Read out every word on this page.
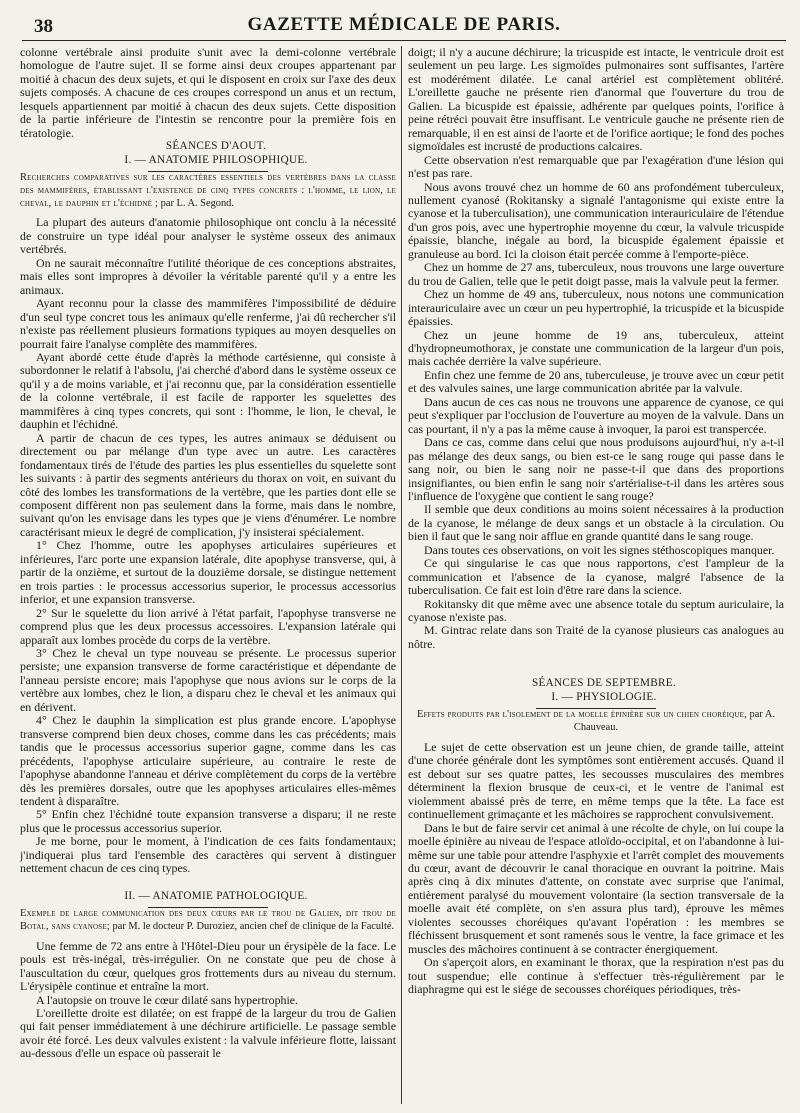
38	GAZETTE MÉDICALE DE PARIS.

colonne vertébrale ainsi produite s'unit avec la demi-colonne vertébrale homologue de l'autre sujet. Il se forme ainsi deux croupes appartenant par moitié à chacun des deux sujets, et qui le disposent en croix sur l'axe des deux sujets composés. A chacune de ces croupes correspond un anus et un rectum, lesquels appartiennent par moitié à chacun des deux sujets. Cette disposition de la partie inférieure de l'intestin se rencontre pour la première fois en tératologie.

SÉANCES D'AOUT.

I. — ANATOMIE PHILOSOPHIQUE.

Recherches comparatives sur les caractères essentiels des vertèbres dans la classe des mammifères, établissant l'existence de cinq types concrets : l'homme, le lion, le cheval, le dauphin et l'échidné ; par L. A. Segond.

La plupart des auteurs d'anatomie philosophique ont conclu à la nécessité de construire un type idéal pour analyser le système osseux des animaux vertébrés.

On ne saurait méconnaître l'utilité théorique de ces conceptions abstraites, mais elles sont impropres à dévoiler la véritable parenté qu'il y a entre les animaux.

Ayant reconnu pour la classe des mammifères l'impossibilité de déduire d'un seul type concret tous les animaux qu'elle renferme, j'ai dû rechercher s'il n'existe pas réellement plusieurs formations typiques au moyen desquelles on pourrait faire l'analyse complète des mammifères.

Ayant abordé cette étude d'après la méthode cartésienne, qui consiste à subordonner le relatif à l'absolu, j'ai cherché d'abord dans le système osseux ce qu'il y a de moins variable, et j'ai reconnu que, par la considération essentielle de la colonne vertébrale, il est facile de rapporter les squelettes des mammifères à cinq types concrets, qui sont : l'homme, le lion, le cheval, le dauphin et l'échidné.

A partir de chacun de ces types, les autres animaux se déduisent ou directement ou par mélange d'un type avec un autre. Les caractères fondamentaux tirés de l'étude des parties les plus essentielles du squelette sont les suivants : à partir des segments antérieurs du thorax on voit, en suivant du côté des lombes les transformations de la vertèbre, que les parties dont elle se composent diffèrent non pas seulement dans la forme, mais dans le nombre, suivant qu'on les envisage dans les types que je viens d'énumérer. Le nombre caractérisant mieux le degré de complication, j'y insisterai spécialement.

1° Chez l'homme, outre les apophyses articulaires supérieures et inférieures, l'arc porte une expansion latérale, dite apophyse transverse, qui, à partir de la onzième, et surtout de la douzième dorsale, se distingue nettement en trois parties : le processus accessorius superior, le processus accessorius inferior, et une expansion transverse.

2° Sur le squelette du lion arrivé à l'état parfait, l'apophyse transverse ne comprend plus que les deux processus accessoires. L'expansion latérale qui apparaît aux lombes procède du corps de la vertèbre.

3° Chez le cheval un type nouveau se présente. Le processus superior persiste; une expansion transverse de forme caractéristique et dépendante de l'anneau persiste encore; mais l'apophyse que nous avions sur le corps de la vertèbre aux lombes, chez le lion, a disparu chez le cheval et les animaux qui en dérivent.

4° Chez le dauphin la simplication est plus grande encore. L'apophyse transverse comprend bien deux choses, comme dans les cas précédents; mais tandis que le processus accessorius superior gagne, comme dans les cas précédents, l'apophyse articulaire supérieure, au contraire le reste de l'apophyse abandonne l'anneau et dérive complètement du corps de la vertèbre dès les premières dorsales, outre que les apophyses articulaires elles-mêmes tendent à disparaître.

5° Enfin chez l'échidné toute expansion transverse a disparu; il ne reste plus que le processus accessorius superior.

Je me borne, pour le moment, à l'indication de ces faits fondamentaux; j'indiquerai plus tard l'ensemble des caractères qui servent à distinguer nettement chacun de ces cinq types.

II. — ANATOMIE PATHOLOGIQUE.

Exemple de large communication des deux cœurs par le trou de Galien, dit trou de Botal, sans cyanose; par M. le docteur P. Duroziez, ancien chef de clinique de la Faculté.

Une femme de 72 ans entre à l'Hôtel-Dieu pour un érysipèle de la face. Le pouls est très-inégal, très-irrégulier. On ne constate que peu de chose à l'auscultation du cœur, quelques gros frottements durs au niveau du sternum. L'érysipèle continue et entraîne la mort.

A l'autopsie on trouve le cœur dilaté sans hypertrophie.

L'oreillette droite est dilatée; on est frappé de la largeur du trou de Galien qui fait penser immédiatement à une déchirure artificielle. Le passage semble avoir été forcé. Les deux valvules existent : la valvule inférieure flotte, laissant au-dessous d'elle un espace où passerait le

doigt; il n'y a aucune déchirure; la tricuspide est intacte, le ventricule droit est seulement un peu large. Les sigmoïdes pulmonaires sont suffisantes, l'artère est modérément dilatée. Le canal artériel est complètement oblitéré. L'oreillette gauche ne présente rien d'anormal que l'ouverture du trou de Galien. La bicuspide est épaissie, adhérente par quelques points, l'orifice à peine rétréci pouvait être insuffisant. Le ventricule gauche ne présente rien de remarquable, il en est ainsi de l'aorte et de l'orifice aortique; le fond des poches sigmoïdales est incrusté de productions calcaires.

Cette observation n'est remarquable que par l'exagération d'une lésion qui n'est pas rare.

Nous avons trouvé chez un homme de 60 ans profondément tuberculeux, nullement cyanosé (Rokitansky a signalé l'antagonisme qui existe entre la cyanose et la tuberculisation), une communication interauriculaire de l'étendue d'un gros pois, avec une hypertrophie moyenne du cœur, la valvule tricuspide épaissie, blanche, inégale au bord, la bicuspide également épaissie et granuleuse au bord. Ici la cloison était percée comme à l'emporte-pièce.

Chez un homme de 27 ans, tuberculeux, nous trouvons une large ouverture du trou de Galien, telle que le petit doigt passe, mais la valvule peut la fermer.

Chez un homme de 49 ans, tuberculeux, nous notons une communication interauriculaire avec un cœur un peu hypertrophié, la tricuspide et la bicuspide épaissies.

Chez un jeune homme de 19 ans, tuberculeux, atteint d'hydropneumothorax, je constate une communication de la largeur d'un pois, mais cachée derrière la valve supérieure.

Enfin chez une femme de 20 ans, tuberculeuse, je trouve avec un cœur petit et des valvules saines, une large communication abritée par la valvule.

Dans aucun de ces cas nous ne trouvons une apparence de cyanose, ce qui peut s'expliquer par l'occlusion de l'ouverture au moyen de la valvule. Dans un cas pourtant, il n'y a pas la même cause à invoquer, la paroi est transpercée.

Dans ce cas, comme dans celui que nous produisons aujourd'hui, n'y a-t-il pas mélange des deux sangs, ou bien est-ce le sang rouge qui passe dans le sang noir, ou bien le sang noir ne passe-t-il que dans des proportions insignifiantes, ou bien enfin le sang noir s'artérialise-t-il dans les artères sous l'influence de l'oxygène que contient le sang rouge?

Il semble que deux conditions au moins soient nécessaires à la production de la cyanose, le mélange de deux sangs et un obstacle à la circulation. Ou bien il faut que le sang noir afflue en grande quantité dans le sang rouge.

Dans toutes ces observations, on voit les signes stéthoscopiques manquer.

Ce qui singularise le cas que nous rapportons, c'est l'ampleur de la communication et l'absence de la cyanose, malgré l'absence de la tuberculisation. Ce fait est loin d'être rare dans la science.

Rokitansky dit que même avec une absence totale du septum auriculaire, la cyanose n'existe pas.

M. Gintrac relate dans son Traité de la cyanose plusieurs cas analogues au nôtre.

SÉANCES DE SEPTEMBRE.

I. — PHYSIOLOGIE.

Effets produits par l'isolement de la moelle épinière sur un chien choréique, par A. Chauveau.

Le sujet de cette observation est un jeune chien, de grande taille, atteint d'une chorée générale dont les symptômes sont entièrement accusés. Quand il est debout sur ses quatre pattes, les secousses musculaires des membres déterminent la flexion brusque de ceux-ci, et le ventre de l'animal est violemment abaissé près de terre, en même temps que la tête. La face est continuellement grimaçante et les mâchoires se rapprochent convulsivement.

Dans le but de faire servir cet animal à une récolte de chyle, on lui coupe la moelle épinière au niveau de l'espace atloïdo-occipital, et on l'abandonne à lui-même sur une table pour attendre l'asphyxie et l'arrêt complet des mouvements du cœur, avant de découvrir le canal thoracique en ouvrant la poitrine. Mais après cinq à dix minutes d'attente, on constate avec surprise que l'animal, entièrement paralysé du mouvement volontaire (la section transversale de la moelle avait été complète, on s'en assura plus tard), éprouve les mêmes violentes secousses choréiques qu'avant l'opération : les membres se fléchissent brusquement et sont ramenés sous le ventre, la face grimace et les muscles des mâchoires continuent à se contracter énergiquement.

On s'aperçoit alors, en examinant le thorax, que la respiration n'est pas du tout suspendue; elle continue à s'effectuer très-régulièrement par le diaphragme qui est le siége de secousses choréiques périodiques, très-
